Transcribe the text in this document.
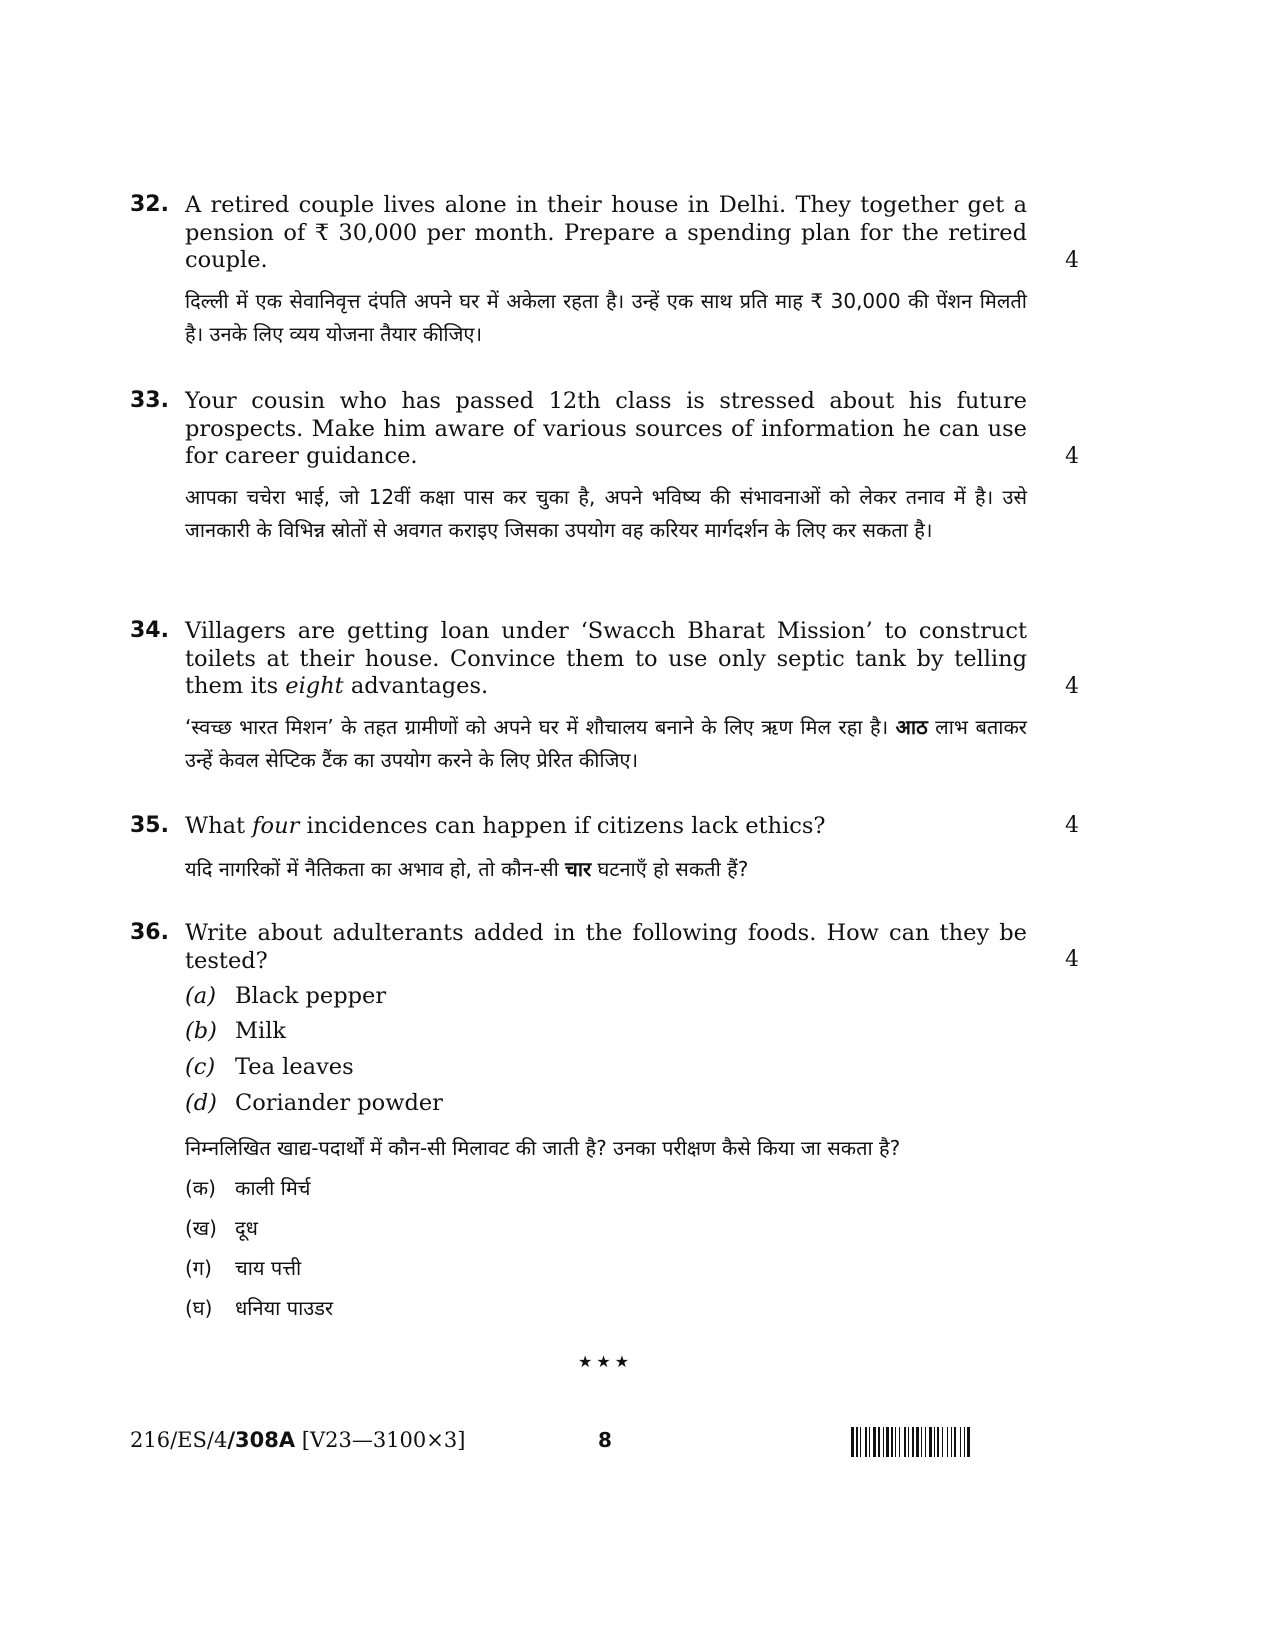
32. A retired couple lives alone in their house in Delhi. They together get a pension of ₹ 30,000 per month. Prepare a spending plan for the retired couple.	4
दिल्ली में एक सेवानिवृत्त दंपति अपने घर में अकेला रहता है। उन्हें एक साथ प्रति माह ₹ 30,000 की पेंशन मिलती है। उनके लिए व्यय योजना तैयार कीजिए।
33. Your cousin who has passed 12th class is stressed about his future prospects. Make him aware of various sources of information he can use for career guidance.	4
आपका चचेरा भाई, जो 12वीं कक्षा पास कर चुका है, अपने भविष्य की संभावनाओं को लेकर तनाव में है। उसे जानकारी के विभिन्न स्रोतों से अवगत कराइए जिसका उपयोग वह करियर मार्गदर्शन के लिए कर सकता है।
34. Villagers are getting loan under ‘Swacch Bharat Mission’ to construct toilets at their house. Convince them to use only septic tank by telling them its eight advantages.	4
‘स्वच्छ भारत मिशन’ के तहत ग्रामीणों को अपने घर में शौचालय बनाने के लिए ऋण मिल रहा है। आठ लाभ बताकर उन्हें केवल सेप्टिक टैंक का उपयोग करने के लिए प्रेरित कीजिए।
35. What four incidences can happen if citizens lack ethics?	4
यदि नागरिकों में नैतिकता का अभाव हो, तो कौन-सी चार घटनाएँ हो सकती हैं?
36. Write about adulterants added in the following foods. How can they be tested?	4
(a) Black pepper
(b) Milk
(c) Tea leaves
(d) Coriander powder
निम्नलिखित खाद्य-पदार्थों में कौन-सी मिलावट की जाती है? उनका परीक्षण कैसे किया जा सकता है?
(क) काली मिर्च
(ख) दूध
(ग) चाय पत्ती
(घ) धनिया पाउडर
★★★
216/ES/4/308A [V23—3100×3]	8
